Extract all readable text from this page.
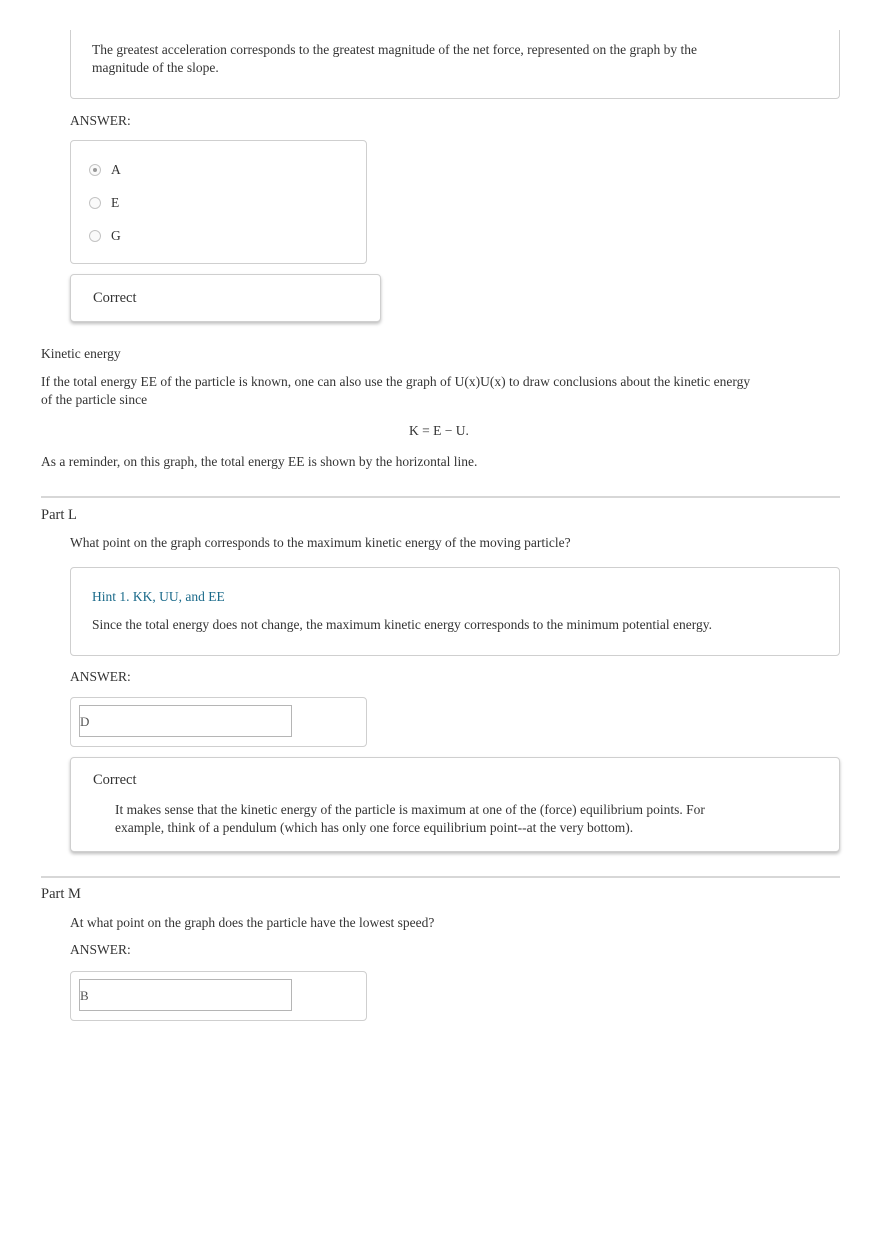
The greatest acceleration corresponds to the greatest magnitude of the net force, represented on the graph by the magnitude of the slope.
ANSWER:
A
E
G
Correct
Kinetic energy
If the total energy EE of the particle is known, one can also use the graph of U(x)U(x) to draw conclusions about the kinetic energy of the particle since
K = E − U.
As a reminder, on this graph, the total energy EE is shown by the horizontal line.
Part L
What point on the graph corresponds to the maximum kinetic energy of the moving particle?
Hint 1. KK, UU, and EE
Since the total energy does not change, the maximum kinetic energy corresponds to the minimum potential energy.
ANSWER:
D
Correct
It makes sense that the kinetic energy of the particle is maximum at one of the (force) equilibrium points. For example, think of a pendulum (which has only one force equilibrium point--at the very bottom).
Part M
At what point on the graph does the particle have the lowest speed?
ANSWER:
B
